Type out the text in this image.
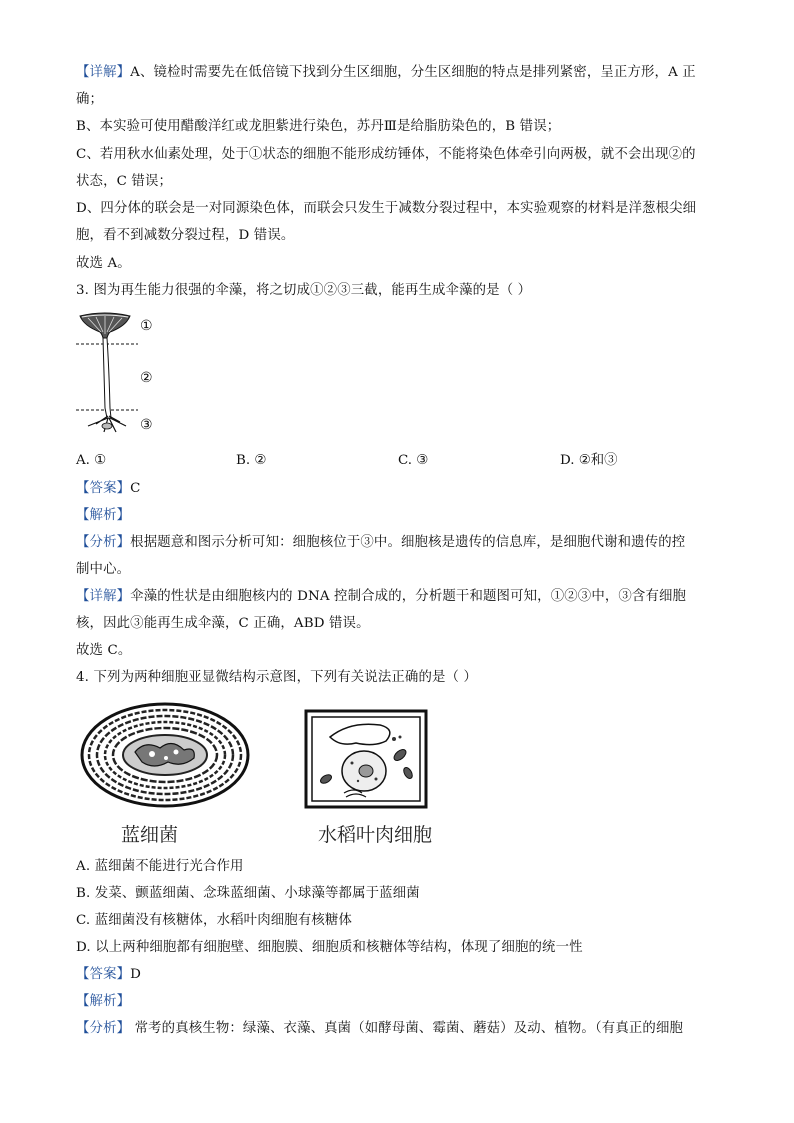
【详解】A、镜检时需要先在低倍镜下找到分生区细胞，分生区细胞的特点是排列紧密，呈正方形，A 正
确；
B、本实验可使用醋酸洋红或龙胆紫进行染色，苏丹Ⅲ是给脂肪染色的，B 错误；
C、若用秋水仙素处理，处于①状态的细胞不能形成纺锤体，不能将染色体牵引向两极，就不会出现②的
状态，C 错误；
D、四分体的联会是一对同源染色体，而联会只发生于减数分裂过程中，本实验观察的材料是洋葱根尖细
胞，看不到减数分裂过程，D 错误。
故选 A。
3. 图为再生能力很强的伞藻，将之切成①②③三截，能再生成伞藻的是（ ）
①
②
③
A. ①	B. ②	C. ③	D. ②和③
【答案】C
【解析】
【分析】根据题意和图示分析可知：细胞核位于③中。细胞核是遗传的信息库，是细胞代谢和遗传的控
制中心。
【详解】伞藻的性状是由细胞核内的 DNA 控制合成的，分析题干和题图可知，①②③中，③含有细胞
核，因此③能再生成伞藻，C 正确，ABD 错误。
故选 C。
4. 下列为两种细胞亚显微结构示意图，下列有关说法正确的是（ ）
蓝细菌	水稻叶肉细胞
A. 蓝细菌不能进行光合作用
B. 发菜、颤蓝细菌、念珠蓝细菌、小球藻等都属于蓝细菌
C. 蓝细菌没有核糖体，水稻叶肉细胞有核糖体
D. 以上两种细胞都有细胞壁、细胞膜、细胞质和核糖体等结构，体现了细胞的统一性
【答案】D
【解析】
【分析】 常考的真核生物：绿藻、衣藻、真菌（如酵母菌、霉菌、蘑菇）及动、植物。（有真正的细胞
